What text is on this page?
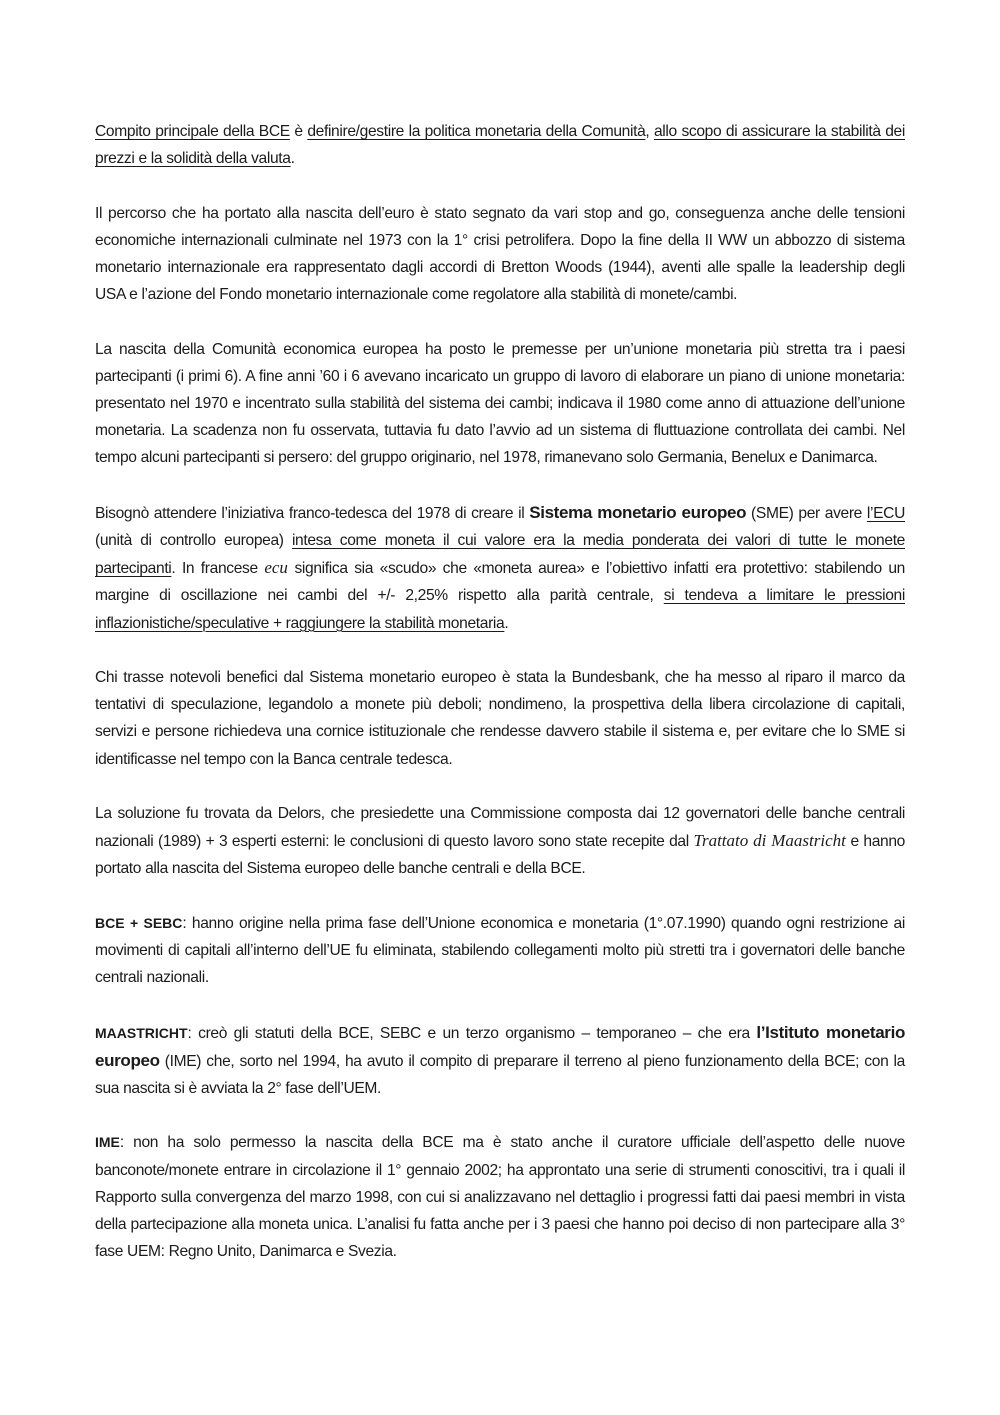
Compito principale della BCE è definire/gestire la politica monetaria della Comunità, allo scopo di assicurare la stabilità dei prezzi e la solidità della valuta.

Il percorso che ha portato alla nascita dell’euro è stato segnato da vari stop and go, conseguenza anche delle tensioni economiche internazionali culminate nel 1973 con la 1° crisi petrolifera. Dopo la fine della II WW un abbozzo di sistema monetario internazionale era rappresentato dagli accordi di Bretton Woods (1944), aventi alle spalle la leadership degli USA e l’azione del Fondo monetario internazionale come regolatore alla stabilità di monete/cambi.

La nascita della Comunità economica europea ha posto le premesse per un’unione monetaria più stretta tra i paesi partecipanti (i primi 6). A fine anni ’60 i 6 avevano incaricato un gruppo di lavoro di elaborare un piano di unione monetaria: presentato nel 1970 e incentrato sulla stabilità del sistema dei cambi; indicava il 1980 come anno di attuazione dell’unione monetaria. La scadenza non fu osservata, tuttavia fu dato l’avvio ad un sistema di fluttuazione controllata dei cambi. Nel tempo alcuni partecipanti si persero: del gruppo originario, nel 1978, rimanevano solo Germania, Benelux e Danimarca.

Bisognò attendere l’iniziativa franco-tedesca del 1978 di creare il Sistema monetario europeo (SME) per avere l’ECU (unità di controllo europea) intesa come moneta il cui valore era la media ponderata dei valori di tutte le monete partecipanti. In francese ecu significa sia «scudo» che «moneta aurea» e l’obiettivo infatti era protettivo: stabilendo un margine di oscillazione nei cambi del +/- 2,25% rispetto alla parità centrale, si tendeva a limitare le pressioni inflazionistiche/speculative + raggiungere la stabilità monetaria.

Chi trasse notevoli benefici dal Sistema monetario europeo è stata la Bundesbank, che ha messo al riparo il marco da tentativi di speculazione, legandolo a monete più deboli; nondimeno, la prospettiva della libera circolazione di capitali, servizi e persone richiedeva una cornice istituzionale che rendesse davvero stabile il sistema e, per evitare che lo SME si identificasse nel tempo con la Banca centrale tedesca.

La soluzione fu trovata da Delors, che presiedette una Commissione composta dai 12 governatori delle banche centrali nazionali (1989) + 3 esperti esterni: le conclusioni di questo lavoro sono state recepite dal Trattato di Maastricht e hanno portato alla nascita del Sistema europeo delle banche centrali e della BCE.

BCE + SEBC: hanno origine nella prima fase dell’Unione economica e monetaria (1°.07.1990) quando ogni restrizione ai movimenti di capitali all’interno dell’UE fu eliminata, stabilendo collegamenti molto più stretti tra i governatori delle banche centrali nazionali.

MAASTRICHT: creò gli statuti della BCE, SEBC e un terzo organismo – temporaneo – che era l’Istituto monetario europeo (IME) che, sorto nel 1994, ha avuto il compito di preparare il terreno al pieno funzionamento della BCE; con la sua nascita si è avviata la 2° fase dell’UEM.

IME: non ha solo permesso la nascita della BCE ma è stato anche il curatore ufficiale dell’aspetto delle nuove banconote/monete entrare in circolazione il 1° gennaio 2002; ha approntato una serie di strumenti conoscitivi, tra i quali il Rapporto sulla convergenza del marzo 1998, con cui si analizzavano nel dettaglio i progressi fatti dai paesi membri in vista della partecipazione alla moneta unica. L’analisi fu fatta anche per i 3 paesi che hanno poi deciso di non partecipare alla 3° fase UEM: Regno Unito, Danimarca e Svezia.
